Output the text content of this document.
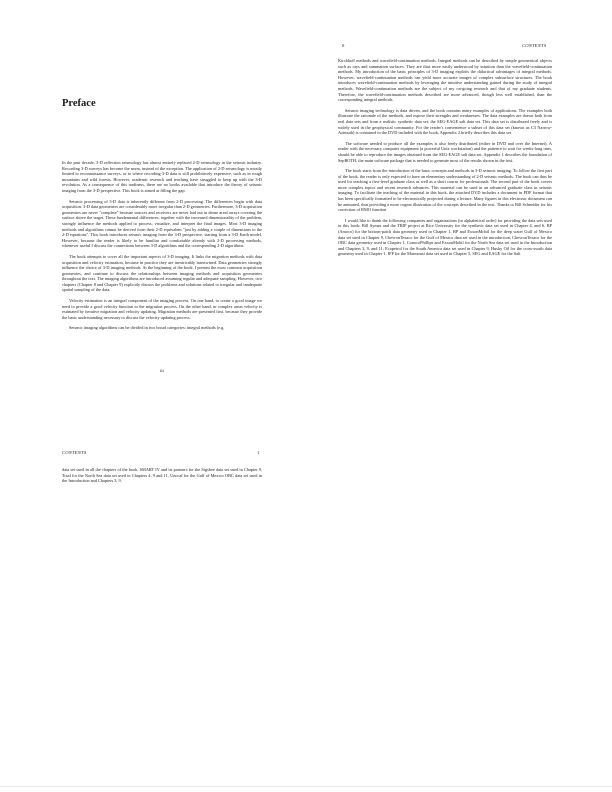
0	CONTENTS

Kirchhoff methods and wavefield-continuation methods. Integral methods can be described by simple geometrical objects such as rays and summation surfaces. They are thus more easily understood by intuition than the wavefield-continuation methods. My introduction of the basic principles of 3-D imaging exploits the didactical advantages of integral methods. However, wavefield-continuation methods can yield more accurate images of complex subsurface structures. The book introduces wavefield-continuation methods by leveraging the intuitive understanding gained during the study of integral methods. Wavefield-continuation methods are the subject of my on-going research and that of my graduate students. Therefore, the wavefield-continuation methods described are more advanced, though less well established, than the corresponding integral methods.

Seismic imaging technology is data driven, and the book contains many examples of applications. The examples both illustrate the rationale of the methods, and expose their strengths and weaknesses. The data examples are drawn both from real data sets and from a realistic synthetic data set: the SEG-EAGE salt data set. This data set is distributed freely and is widely used in the geophysical community. For the reader's convenience a subset of this data set (known as C3 Narrow-Azimuth) is contained in the DVD included with the book, Appendix 2 briefly describes this data set.

The software needed to produce all the examples is also freely distributed (either in DVD and over the Internet). A reader with the necessary computer equipment (a powerful Unix workstation) and the patience to wait for weeks-long runs, should be able to reproduce the images obtained from the SEG-EAGE salt data set. Appendix 1 describes the foundation of SepBOTH, the main software package that is needed to generate most of the results shown in the text.

The book starts from the introduction of the basic concepts and methods in 3-D seismic imaging. To follow the first part of the book, the reader is only expected to have an elementary understanding of 2-D seismic methods. The book can thus be used for teaching a first-level graduate class as well as a short course for professionals. The second part of the book covers more complex topics and recent research advances. This material can be used in an advanced graduate class in seismic imaging. To facilitate the teaching of the material in this book, the attached DVD includes a document in PDF format that has been specifically formatted to be electronically projected during a lecture. Many figures in this electronic document can be animated, thus providing a more cogent illustration of the concepts described in the text. Thanks to Bill Schneider for his correction of RMO function

I would like to thank the following companies and organizations (in alphabetical order) for providing the data sets used in this book: Bill Symes and the TRIP project at Rice University for the synthetic data set used in Chapter 4, and 6, BP (Amoco) for the bottom-patch data geometry used in Chapter 1, BP and ExxonMobil for the deep water Gulf of Mexico data set used in Chapter 9, ChevronTexaco for the Gulf of Mexico data set used in the introduction, ChevronTexaco for the OBC data geometry used in Chapter 1, ConocoPhillips and ExxonMobil for the North Sea data set used in the Introduction and Chapters 3, 9, and 11, Ecopetrol for the South America data set used in Chapter 9, Husky Oil for the cross-swath data geometry used in Chapter 1, IFP for the Marmousi data set used in Chapter 5, SEG and EAGE for the Salt

Preface

In the past decade, 3-D reflection seismology has almost entirely replaced 2-D seismology in the seismic industry. Recording 3-D surveys has become the norm, instead of the exception. The application of 2-D seismology is mostly limited to reconnaissance surveys, or to where recording 3-D data is still prohibitively expensive, such as in rough mountains and wild forests. However, academic research and teaching have struggled to keep up with the 3-D revolution. As a consequence of this tardiness, there are no books available that introduce the theory of seismic imaging from the 3-D perspective. This book is aimed at filling the gap.

Seismic processing of 3-D data is inherently different from 2-D processing. The differences begin with data acquisition: 3-D data geometries are considerably more irregular than 2-D geometries. Furthermore, 3-D acquisition geometries are never "complete" because sources and receivers are never laid out in dense areal arrays covering the surface above the target. These fundamental differences, together with the increased dimensionality of the problem, strongly influence the methods applied to process, visualize, and interpret the final images. Most 3-D imaging methods and algorithms cannot be derived from their 2-D equivalent "just by adding a couple of dimensions to the 2-D equations". This book introduces seismic imaging from the 3-D perspective, starting from a 3-D Earth model. However, because the reader is likely to be familiar and comfortable already with 2-D processing methods, whenever useful I discuss the connections between 3-D algorithms and the corresponding 2-D algorithms.

The book attempts to cover all the important aspects of 3-D imaging. It links the migration methods with data acquisition and velocity estimation, because in practice they are inextricably intertwined. Data geometries strongly influence the choice of 3-D imaging methods. At the beginning of the book, I present the most common acquisition geometries, and continue to discuss the relationships between imaging methods and acquisition geometries throughout the text. The imaging algorithms are introduced assuming regular and adequate sampling. However, two chapters (Chapter 8 and Chapter 9) explicitly discuss the problems and solutions related to irregular and inadequate spatial sampling of the data.

Velocity estimation is an integral component of the imaging process. On one hand, to create a good image we need to provide a good velocity function to the migration process. On the other hand, in complex areas velocity is estimated by iterative migration and velocity updating. Migration methods are presented first, because they provide the basic understanding necessary to discuss the velocity updating process.

Seismic imaging algorithms can be divided in two broad categories: integral methods (e.g.

iii
CONTENTS	1

data set used in all the chapters of the book, SMART IV and its partners for the Sigsbee data set used in Chapter 9, Total for the North Sea data set used in Chapters 4, 9 and 11, Unocal for the Gulf of Mexico OBC data set used in the Introduction and Chapters 3, 9.
